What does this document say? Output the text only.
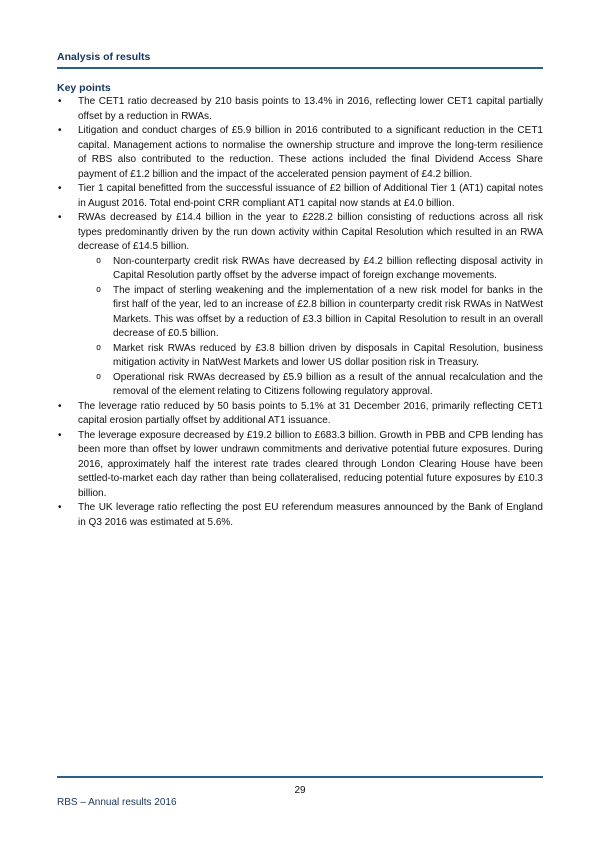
Analysis of results
Key points
• The CET1 ratio decreased by 210 basis points to 13.4% in 2016, reflecting lower CET1 capital partially offset by a reduction in RWAs.
• Litigation and conduct charges of £5.9 billion in 2016 contributed to a significant reduction in the CET1 capital. Management actions to normalise the ownership structure and improve the long-term resilience of RBS also contributed to the reduction. These actions included the final Dividend Access Share payment of £1.2 billion and the impact of the accelerated pension payment of £4.2 billion.
• Tier 1 capital benefitted from the successful issuance of £2 billion of Additional Tier 1 (AT1) capital notes in August 2016. Total end-point CRR compliant AT1 capital now stands at £4.0 billion.
• RWAs decreased by £14.4 billion in the year to £228.2 billion consisting of reductions across all risk types predominantly driven by the run down activity within Capital Resolution which resulted in an RWA decrease of £14.5 billion.
o Non-counterparty credit risk RWAs have decreased by £4.2 billion reflecting disposal activity in Capital Resolution partly offset by the adverse impact of foreign exchange movements.
o The impact of sterling weakening and the implementation of a new risk model for banks in the first half of the year, led to an increase of £2.8 billion in counterparty credit risk RWAs in NatWest Markets. This was offset by a reduction of £3.3 billion in Capital Resolution to result in an overall decrease of £0.5 billion.
o Market risk RWAs reduced by £3.8 billion driven by disposals in Capital Resolution, business mitigation activity in NatWest Markets and lower US dollar position risk in Treasury.
o Operational risk RWAs decreased by £5.9 billion as a result of the annual recalculation and the removal of the element relating to Citizens following regulatory approval.
• The leverage ratio reduced by 50 basis points to 5.1% at 31 December 2016, primarily reflecting CET1 capital erosion partially offset by additional AT1 issuance.
• The leverage exposure decreased by £19.2 billion to £683.3 billion. Growth in PBB and CPB lending has been more than offset by lower undrawn commitments and derivative potential future exposures. During 2016, approximately half the interest rate trades cleared through London Clearing House have been settled-to-market each day rather than being collateralised, reducing potential future exposures by £10.3 billion.
• The UK leverage ratio reflecting the post EU referendum measures announced by the Bank of England in Q3 2016 was estimated at 5.6%.
29
RBS – Annual results 2016
